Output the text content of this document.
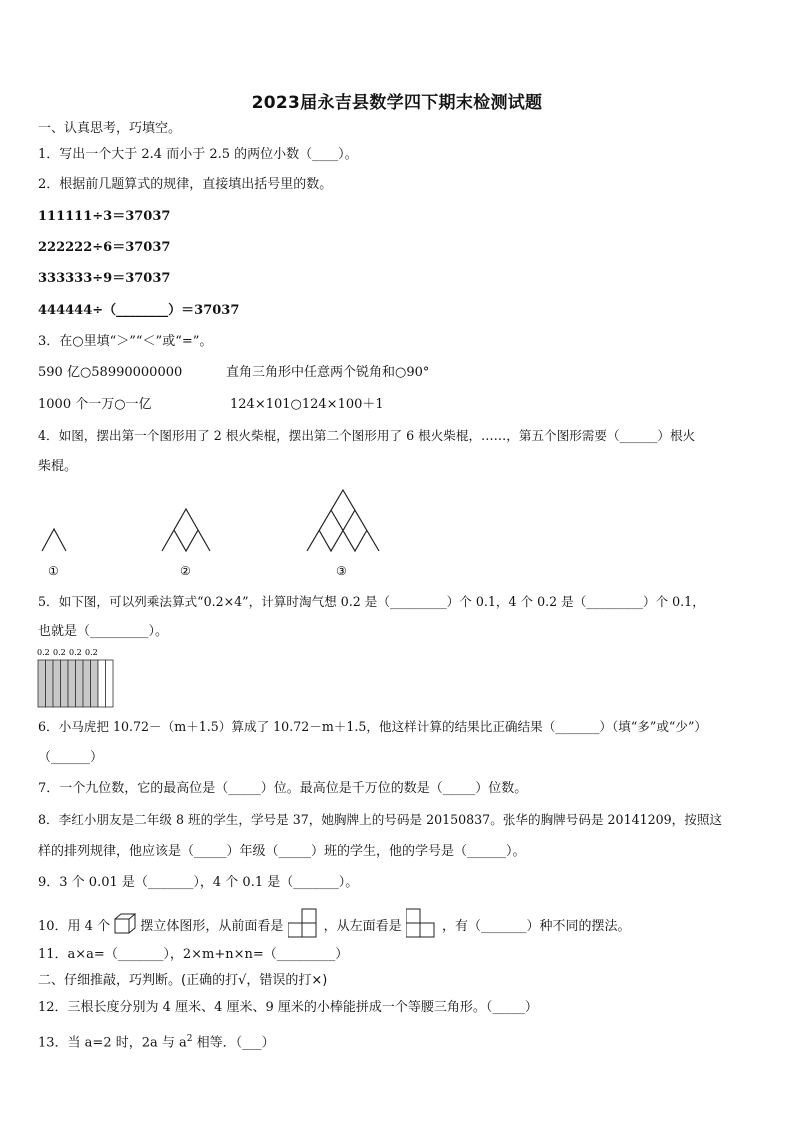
2023届永吉县数学四下期末检测试题
一、认真思考，巧填空。
1．写出一个大于 2.4 而小于 2.5 的两位小数（____）。
2．根据前几题算式的规律，直接填出括号里的数。
111111÷3＝37037
222222÷6＝37037
333333÷9＝37037
444444÷（________）＝37037
3．在○里填“＞”“＜”或“=”。
590 亿○58990000000	直角三角形中任意两个锐角和○90°
1000 个一万○一亿	124×101○124×100＋1
4．如图，摆出第一个图形用了 2 根火柴棍，摆出第二个图形用了 6 根火柴棍，……，第五个图形需要（______）根火
柴棍。
①	②	③
5．如下图，可以列乘法算式“0.2×4”，计算时淘气想 0.2 是（_________）个 0.1，4 个 0.2 是（_________）个 0.1，
也就是（_________）。
0.2 0.2 0.2 0.2
6．小马虎把 10.72－（m＋1.5）算成了 10.72－m＋1.5，他这样计算的结果比正确结果（_______）（填“多”或“少”）
（______）
7．一个九位数，它的最高位是（_____）位。最高位是千万位的数是（_____）位数。
8．李红小朋友是二年级 8 班的学生，学号是 37，她胸牌上的号码是 20150837。张华的胸牌号码是 20141209，按照这
样的排列规律，他应该是（_____）年级（_____）班的学生，他的学号是（______）。
9．3 个 0.01 是（_______），4 个 0.1 是（_______）。
10．用 4 个 摆立体图形，从前面看是	，从左面看是	，有（_______）种不同的摆法。
11．a×a=（_______），2×m+n×n=（_________）
二、仔细推敲，巧判断。(正确的打√，错误的打×)
12．三根长度分别为 4 厘米、4 厘米、9 厘米的小棒能拼成一个等腰三角形。（_____）
13．当 a=2 时，2a 与 $a^2$ 相等．（___）
